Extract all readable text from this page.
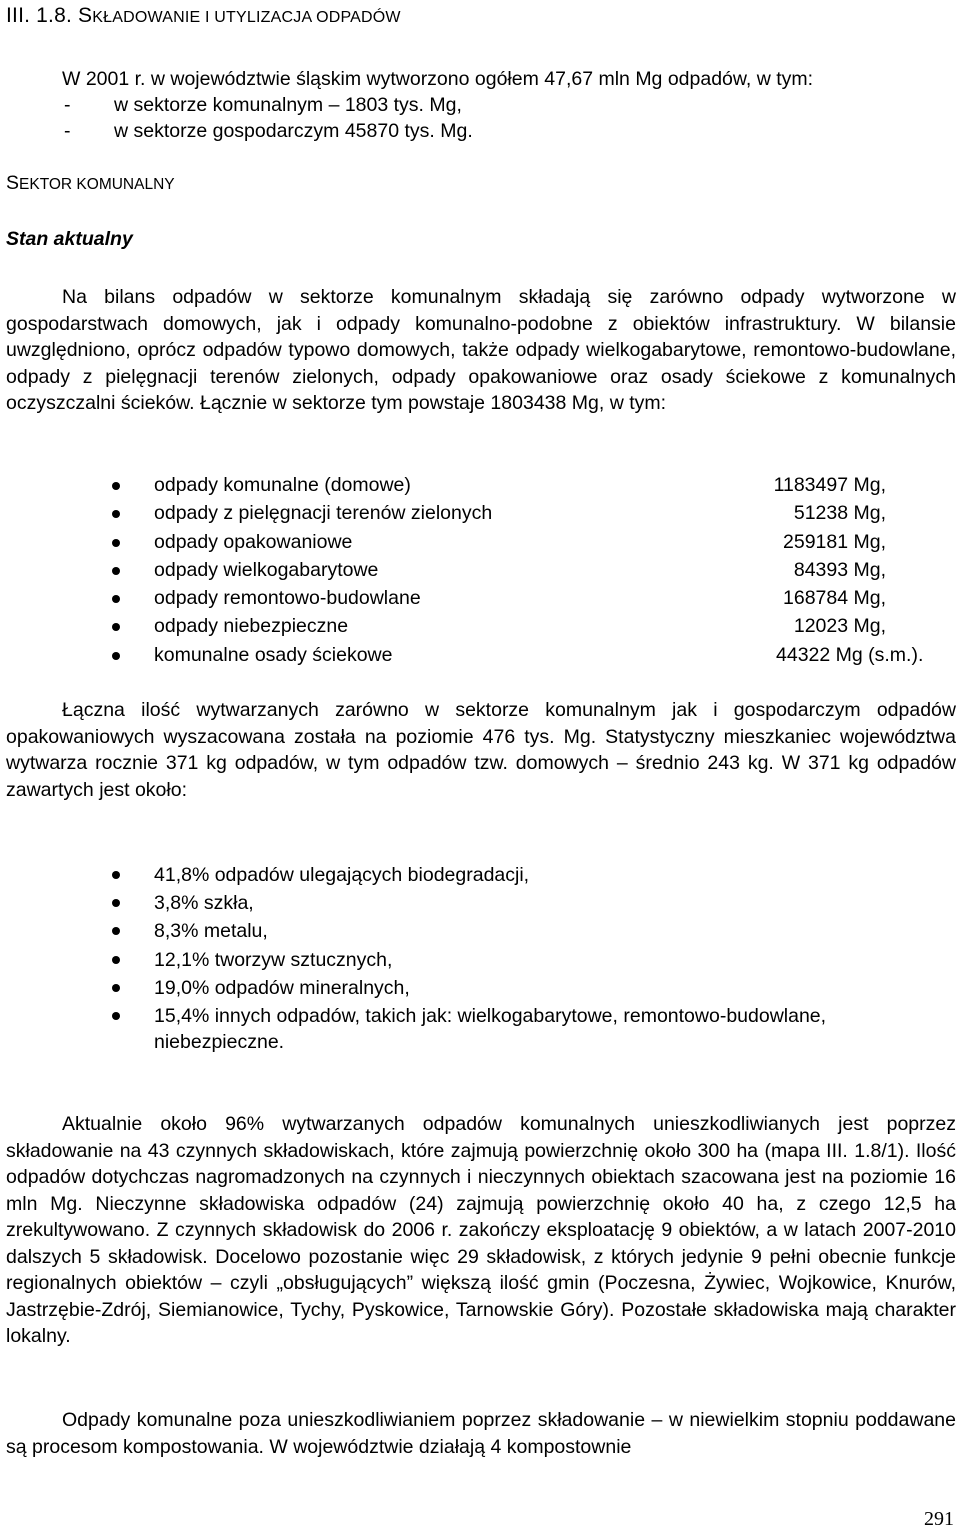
III. 1.8. SKŁADOWANIE I UTYLIZACJA ODPADÓW
W 2001 r. w województwie śląskim wytworzono ogółem 47,67 mln Mg odpadów, w tym:
- w sektorze komunalnym – 1803 tys. Mg,
- w sektorze gospodarczym 45870 tys. Mg.
SEKTOR KOMUNALNY
Stan aktualny

Na bilans odpadów w sektorze komunalnym składają się zarówno odpady wytworzone w gospodarstwach domowych, jak i odpady komunalno-podobne z obiektów infrastruktury. W bilansie uwzględniono, oprócz odpadów typowo domowych, także odpady wielkogabarytowe, remontowo-budowlane, odpady z pielęgnacji terenów zielonych, odpady opakowaniowe oraz osady ściekowe z komunalnych oczyszczalni ścieków. Łącznie w sektorze tym powstaje 1803438 Mg, w tym:

odpady komunalne (domowe)	1183497 Mg,
odpady z pielęgnacji terenów zielonych	51238 Mg,
odpady opakowaniowe	259181 Mg,
odpady wielkogabarytowe	84393 Mg,
odpady remontowo-budowlane	168784 Mg,
odpady niebezpieczne	12023 Mg,
komunalne osady ściekowe	44322 Mg (s.m.).

Łączna ilość wytwarzanych zarówno w sektorze komunalnym jak i gospodarczym odpadów opakowaniowych wyszacowana została na poziomie 476 tys. Mg. Statystyczny mieszkaniec województwa wytwarza rocznie 371 kg odpadów, w tym odpadów tzw. domowych – średnio 243 kg. W 371 kg odpadów zawartych jest około:

41,8% odpadów ulegających biodegradacji,
3,8% szkła,
8,3% metalu,
12,1% tworzyw sztucznych,
19,0% odpadów mineralnych,
15,4% innych odpadów, takich jak: wielkogabarytowe, remontowo-budowlane, niebezpieczne.

Aktualnie około 96% wytwarzanych odpadów komunalnych unieszkodliwianych jest poprzez składowanie na 43 czynnych składowiskach, które zajmują powierzchnię około 300 ha (mapa III. 1.8/1). Ilość odpadów dotychczas nagromadzonych na czynnych i nieczynnych obiektach szacowana jest na poziomie 16 mln Mg. Nieczynne składowiska odpadów (24) zajmują powierzchnię około 40 ha, z czego 12,5 ha zrekultywowano. Z czynnych składowisk do 2006 r. zakończy eksploatację 9 obiektów, a w latach 2007-2010 dalszych 5 składowisk. Docelowo pozostanie więc 29 składowisk, z których jedynie 9 pełni obecnie funkcje regionalnych obiektów – czyli „obsługujących” większą ilość gmin (Poczesna, Żywiec, Wojkowice, Knurów, Jastrzębie-Zdrój, Siemianowice, Tychy, Pyskowice, Tarnowskie Góry). Pozostałe składowiska mają charakter lokalny.

Odpady komunalne poza unieszkodliwianiem poprzez składowanie – w niewielkim stopniu poddawane są procesom kompostowania. W województwie działają 4 kompostownie

291
